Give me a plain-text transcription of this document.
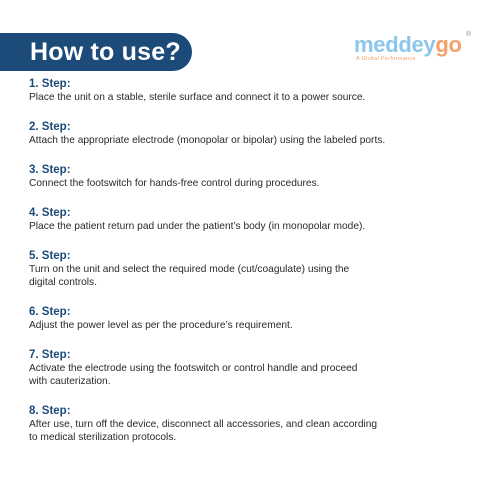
How to use?	meddeygo ®
A Global Performance
1. Step:
Place the unit on a stable, sterile surface and connect it to a power source.
2. Step:
Attach the appropriate electrode (monopolar or bipolar) using the labeled ports.
3. Step:
Connect the footswitch for hands-free control during procedures.
4. Step:
Place the patient return pad under the patient’s body (in monopolar mode).
5. Step:
Turn on the unit and select the required mode (cut/coagulate) using the
digital controls.
6. Step:
Adjust the power level as per the procedure’s requirement.
7. Step:
Activate the electrode using the footswitch or control handle and proceed
with cauterization.
8. Step:
After use, turn off the device, disconnect all accessories, and clean according
to medical sterilization protocols.
